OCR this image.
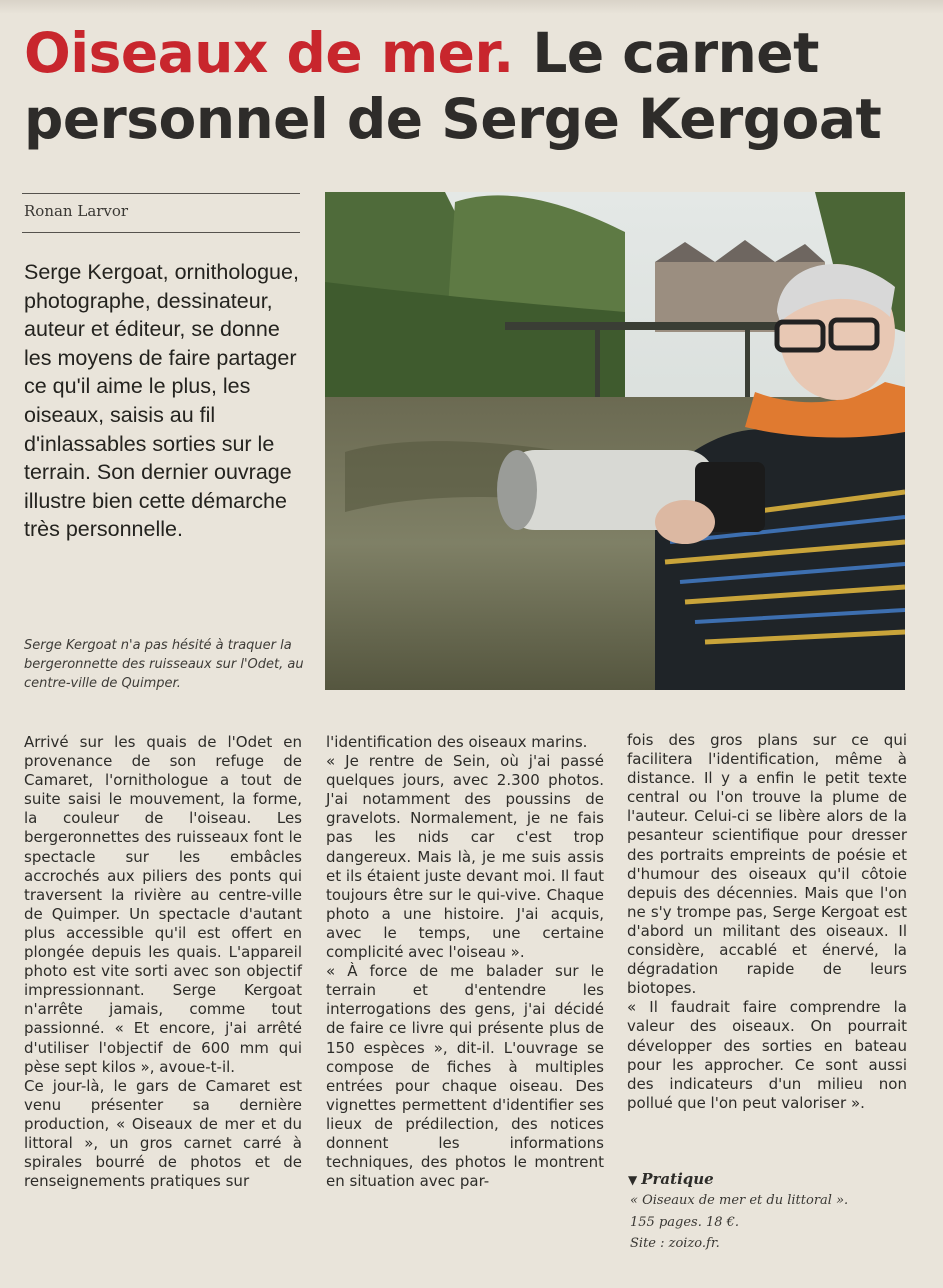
Oiseaux de mer. Le carnet personnel de Serge Kergoat
Ronan Larvor
Serge Kergoat, ornithologue, photographe, dessinateur, auteur et éditeur, se donne les moyens de faire partager ce qu'il aime le plus, les oiseaux, saisis au fil d'inlassables sorties sur le terrain. Son dernier ouvrage illustre bien cette démarche très personnelle.
Serge Kergoat n'a pas hésité à traquer la bergeronnette des ruisseaux sur l'Odet, au centre-ville de Quimper.

Arrivé sur les quais de l'Odet en provenance de son refuge de Camaret, l'ornithologue a tout de suite saisi le mouvement, la forme, la couleur de l'oiseau. Les bergeronnettes des ruisseaux font le spectacle sur les embâcles accrochés aux piliers des ponts qui traversent la rivière au centre-ville de Quimper. Un spectacle d'autant plus accessible qu'il est offert en plongée depuis les quais. L'appareil photo est vite sorti avec son objectif impressionnant. Serge Kergoat n'arrête jamais, comme tout passionné. « Et encore, j'ai arrêté d'utiliser l'objectif de 600 mm qui pèse sept kilos », avoue-t-il.

Ce jour-là, le gars de Camaret est venu présenter sa dernière production, « Oiseaux de mer et du littoral », un gros carnet carré à spirales bourré de photos et de renseignements pratiques sur

l'identification des oiseaux marins.

« Je rentre de Sein, où j'ai passé quelques jours, avec 2.300 photos. J'ai notamment des poussins de gravelots. Normalement, je ne fais pas les nids car c'est trop dangereux. Mais là, je me suis assis et ils étaient juste devant moi. Il faut toujours être sur le qui-vive. Chaque photo a une histoire. J'ai acquis, avec le temps, une certaine complicité avec l'oiseau ».

« À force de me balader sur le terrain et d'entendre les interrogations des gens, j'ai décidé de faire ce livre qui présente plus de 150 espèces », dit-il. L'ouvrage se compose de fiches à multiples entrées pour chaque oiseau. Des vignettes permettent d'identifier ses lieux de prédilection, des notices donnent les informations techniques, des photos le montrent en situation avec par-

fois des gros plans sur ce qui facilitera l'identification, même à distance. Il y a enfin le petit texte central ou l'on trouve la plume de l'auteur. Celui-ci se libère alors de la pesanteur scientifique pour dresser des portraits empreints de poésie et d'humour des oiseaux qu'il côtoie depuis des décennies. Mais que l'on ne s'y trompe pas, Serge Kergoat est d'abord un militant des oiseaux. Il considère, accablé et énervé, la dégradation rapide de leurs biotopes.

« Il faudrait faire comprendre la valeur des oiseaux. On pourrait développer des sorties en bateau pour les approcher. Ce sont aussi des indicateurs d'un milieu non pollué que l'on peut valoriser ».

▼ Pratique
« Oiseaux de mer et du littoral ».
155 pages. 18 €.
Site : zoizo.fr.
